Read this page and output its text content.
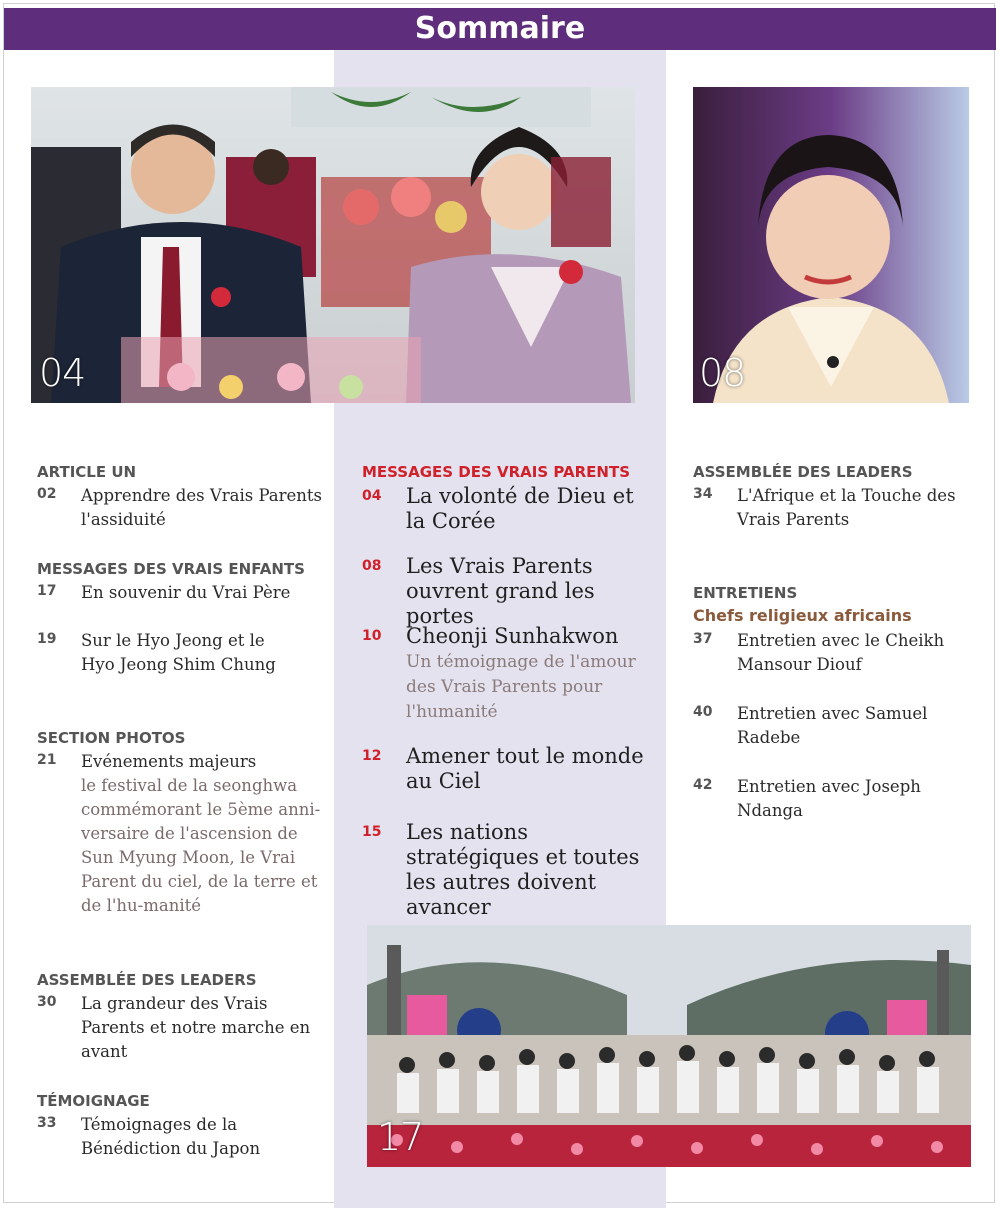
Sommaire
04	08
17
ARTICLE UN
02 Apprendre des Vrais Parents l'assiduité
MESSAGES DES VRAIS ENFANTS
17 En souvenir du Vrai Père
19 Sur le Hyo Jeong et le Hyo Jeong Shim Chung
SECTION PHOTOS
21 Evénements majeurs
le festival de la seonghwa commémorant le 5ème anni-versaire de l'ascension de Sun Myung Moon, le Vrai Parent du ciel, de la terre et de l'hu-manité
ASSEMBLÉE DES LEADERS
30 La grandeur des Vrais Parents et notre marche en avant
TÉMOIGNAGE
33 Témoignages de la Bénédiction du Japon
MESSAGES DES VRAIS PARENTS
04 La volonté de Dieu et la Corée
08 Les Vrais Parents ouvrent grand les portes
10 Cheonji Sunhakwon
Un témoignage de l'amour des Vrais Parents pour l'humanité
12 Amener tout le monde au Ciel
15 Les nations stratégiques et toutes les autres doivent avancer
ASSEMBLÉE DES LEADERS
34 L'Afrique et la Touche des Vrais Parents
ENTRETIENS
Chefs religieux africains
37 Entretien avec le Cheikh Mansour Diouf
40 Entretien avec Samuel Radebe
42 Entretien avec Joseph Ndanga
